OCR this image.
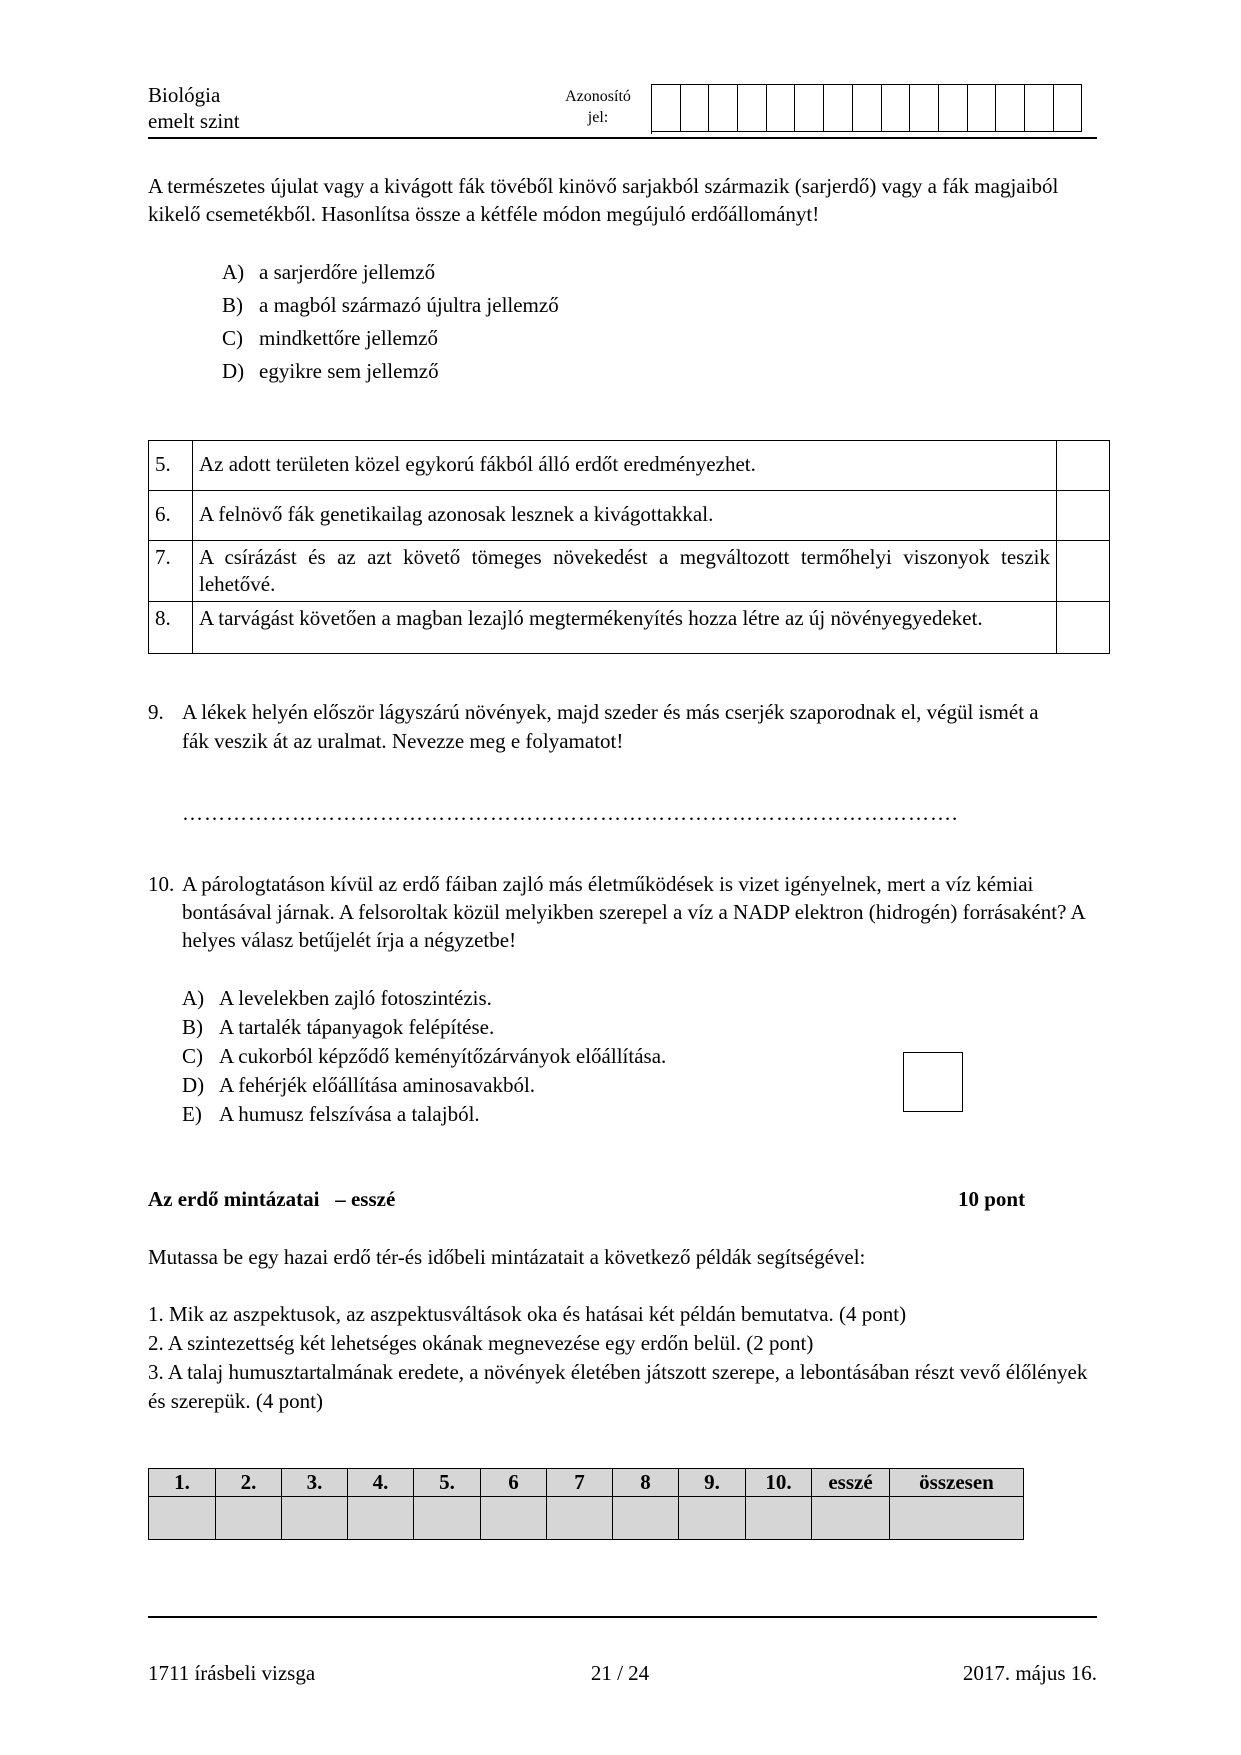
Biológia
emelt szint
Azonosító
jel:
A természetes újulat vagy a kivágott fák tövéből kinövő sarjakból származik (sarjerdő) vagy a fák magjaiból kikelő csemetékből. Hasonlítsa össze a kétféle módon megújuló erdőállományt!
A) a sarjerdőre jellemző
B) a magból származó újultra jellemző
C) mindkettőre jellemző
D) egyikre sem jellemző
5.	Az adott területen közel egykorú fákból álló erdőt eredményezhet.	
6.	A felnövő fák genetikailag azonosak lesznek a kivágottakkal.	
7.	A csírázást és az azt követő tömeges növekedést a megváltozott termőhelyi viszonyok teszik lehetővé.	
8.	A tarvágást követően a magban lezajló megtermékenyítés hozza létre az új növényegyedeket.	
9. A lékek helyén először lágyszárú növények, majd szeder és más cserjék szaporodnak el, végül ismét a fák veszik át az uralmat. Nevezze meg e folyamatot!
…………………………………………………………………………………………….
10. A párologtatáson kívül az erdő fáiban zajló más életműködések is vizet igényelnek, mert a víz kémiai bontásával járnak. A felsoroltak közül melyikben szerepel a víz a NADP elektron (hidrogén) forrásaként? A helyes válasz betűjelét írja a négyzetbe!
A) A levelekben zajló fotoszintézis.
B) A tartalék tápanyagok felépítése.
C) A cukorból képződő keményítőzárványok előállítása.
D) A fehérjék előállítása aminosavakból.
E) A humusz felszívása a talajból.
Az erdő mintázatai   – esszé	10 pont
Mutassa be egy hazai erdő tér-és időbeli mintázatait a következő példák segítségével:

1. Mik az aszpektusok, az aszpektusváltások oka és hatásai két példán bemutatva. (4 pont)

2. A szintezettség két lehetséges okának megnevezése egy erdőn belül. (2 pont)

3. A talaj humusztartalmának eredete, a növények életében játszott szerepe, a lebontásában részt vevő élőlények és szerepük. (4 pont)

1.	2.	3.	4.	5.	6	7	8	9.	10.	esszé	összesen

1711 írásbeli vizsga	21 / 24	2017. május 16.
